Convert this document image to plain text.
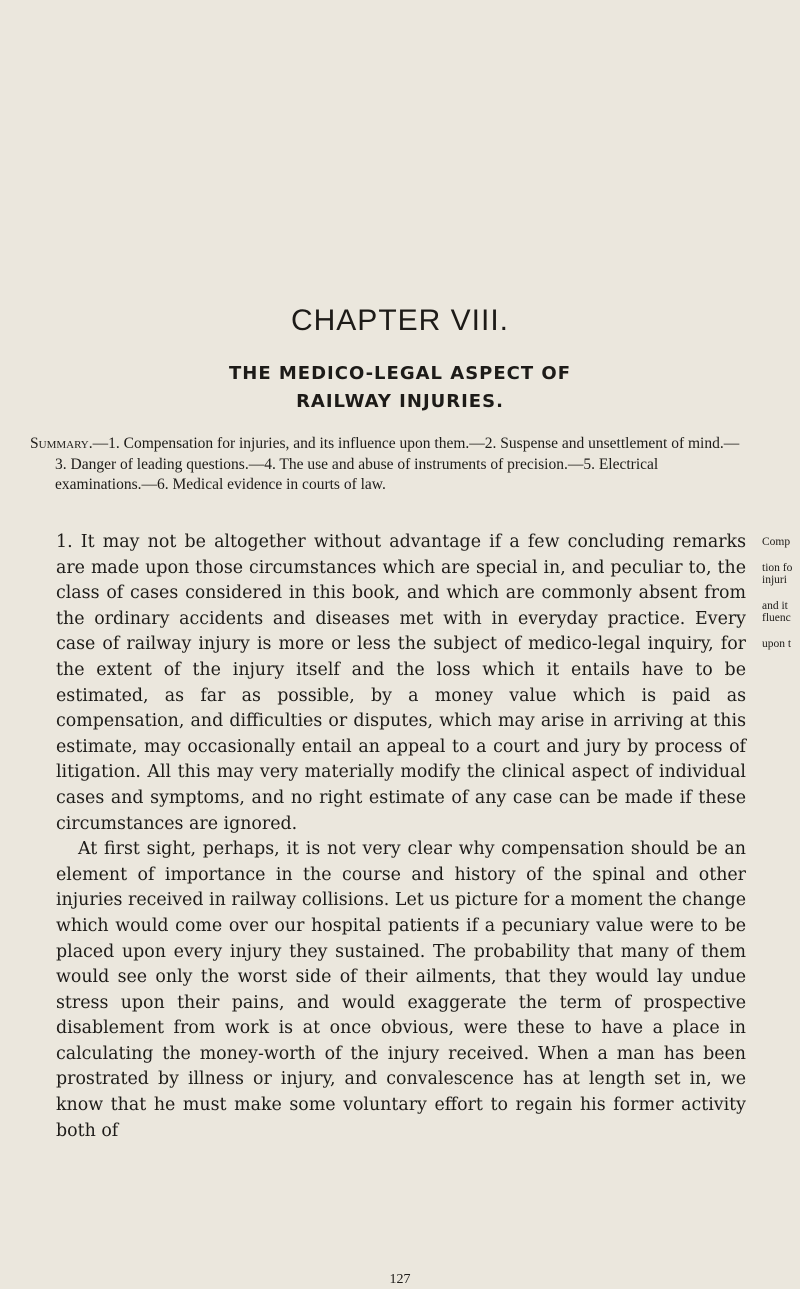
CHAPTER VIII.
THE MEDICO-LEGAL ASPECT OF RAILWAY INJURIES.
Summary.—1. Compensation for injuries, and its influence upon them.—2. Suspense and unsettlement of mind.—3. Danger of leading questions.—4. The use and abuse of instruments of precision.—5. Electrical examinations.—6. Medical evidence in courts of law.

1. It may not be altogether without advantage if a few concluding remarks are made upon those circumstances which are special in, and peculiar to, the class of cases considered in this book, and which are commonly absent from the ordinary accidents and diseases met with in everyday practice. Every case of railway injury is more or less the subject of medico-legal inquiry, for the extent of the injury itself and the loss which it entails have to be estimated, as far as possible, by a money value which is paid as compensation, and difficulties or disputes, which may arise in arriving at this estimate, may occasionally entail an appeal to a court and jury by process of litigation. All this may very materially modify the clinical aspect of individual cases and symptoms, and no right estimate of any case can be made if these circumstances are ignored.

At first sight, perhaps, it is not very clear why compensation should be an element of importance in the course and history of the spinal and other injuries received in railway collisions. Let us picture for a moment the change which would come over our hospital patients if a pecuniary value were to be placed upon every injury they sustained. The probability that many of them would see only the worst side of their ailments, that they would lay undue stress upon their pains, and would exaggerate the term of prospective disablement from work is at once obvious, were these to have a place in calculating the money-worth of the injury received. When a man has been prostrated by illness or injury, and convalescence has at length set in, we know that he must make some voluntary effort to regain his former activity both of

Comp
tion fo
injuri
and it
fluenc
upon t
127
